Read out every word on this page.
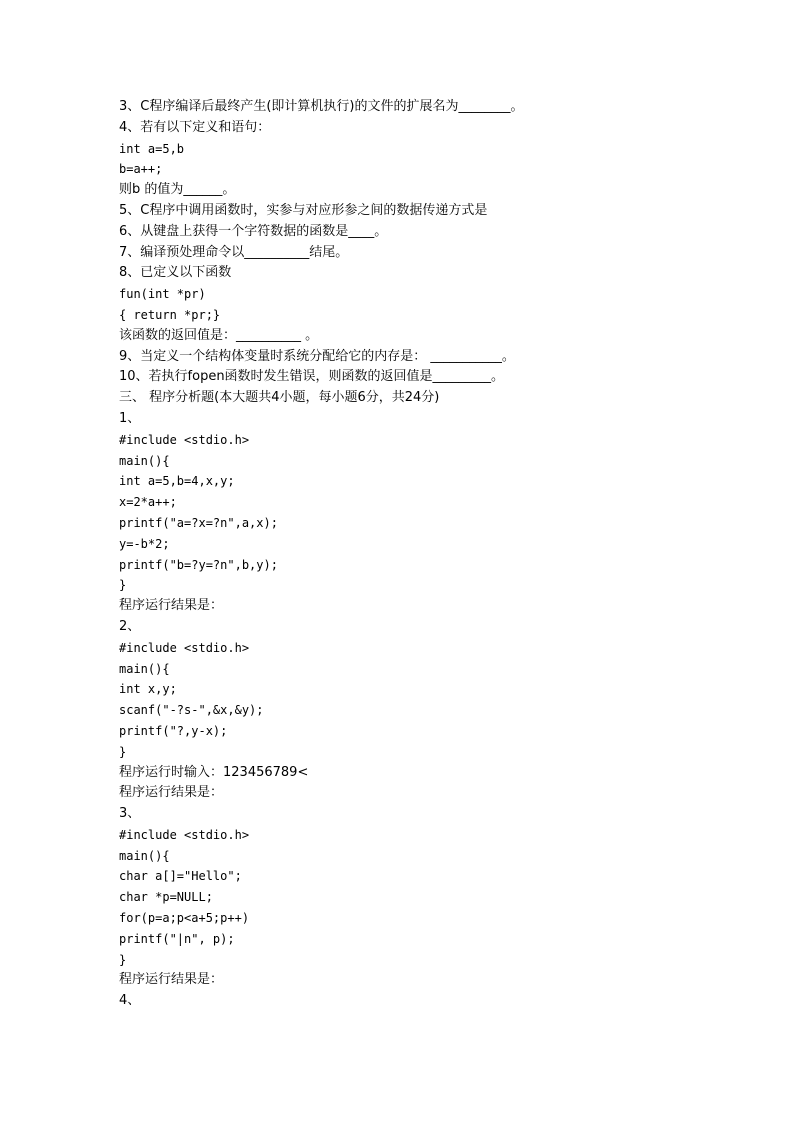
3、C程序编译后最终产生(即计算机执行)的文件的扩展名为________。
4、若有以下定义和语句：
int a=5,b
b=a++;
则b 的值为______。
5、C程序中调用函数时，实参与对应形参之间的数据传递方式是
6、从键盘上获得一个字符数据的函数是____。
7、编译预处理命令以__________结尾。
8、已定义以下函数
fun(int *pr)
{ return *pr;}
该函数的返回值是：__________ 。
9、当定义一个结构体变量时系统分配给它的内存是： ___________。
10、若执行fopen函数时发生错误，则函数的返回值是_________。
三、 程序分析题(本大题共4小题，每小题6分，共24分)
1、
#include <stdio.h>
main(){
int a=5,b=4,x,y;
x=2*a++;
printf("a=?x=?n",a,x);
y=-b*2;
printf("b=?y=?n",b,y);
}
程序运行结果是：
2、
#include <stdio.h>
main(){
int x,y;
scanf("-?s-",&x,&y);
printf("?,y-x);
}
程序运行时输入：123456789<
程序运行结果是：
3、
#include <stdio.h>
main(){
char a[]="Hello";
char *p=NULL;
for(p=a;p<a+5;p++)
printf("|n", p);
}
程序运行结果是：
4、
